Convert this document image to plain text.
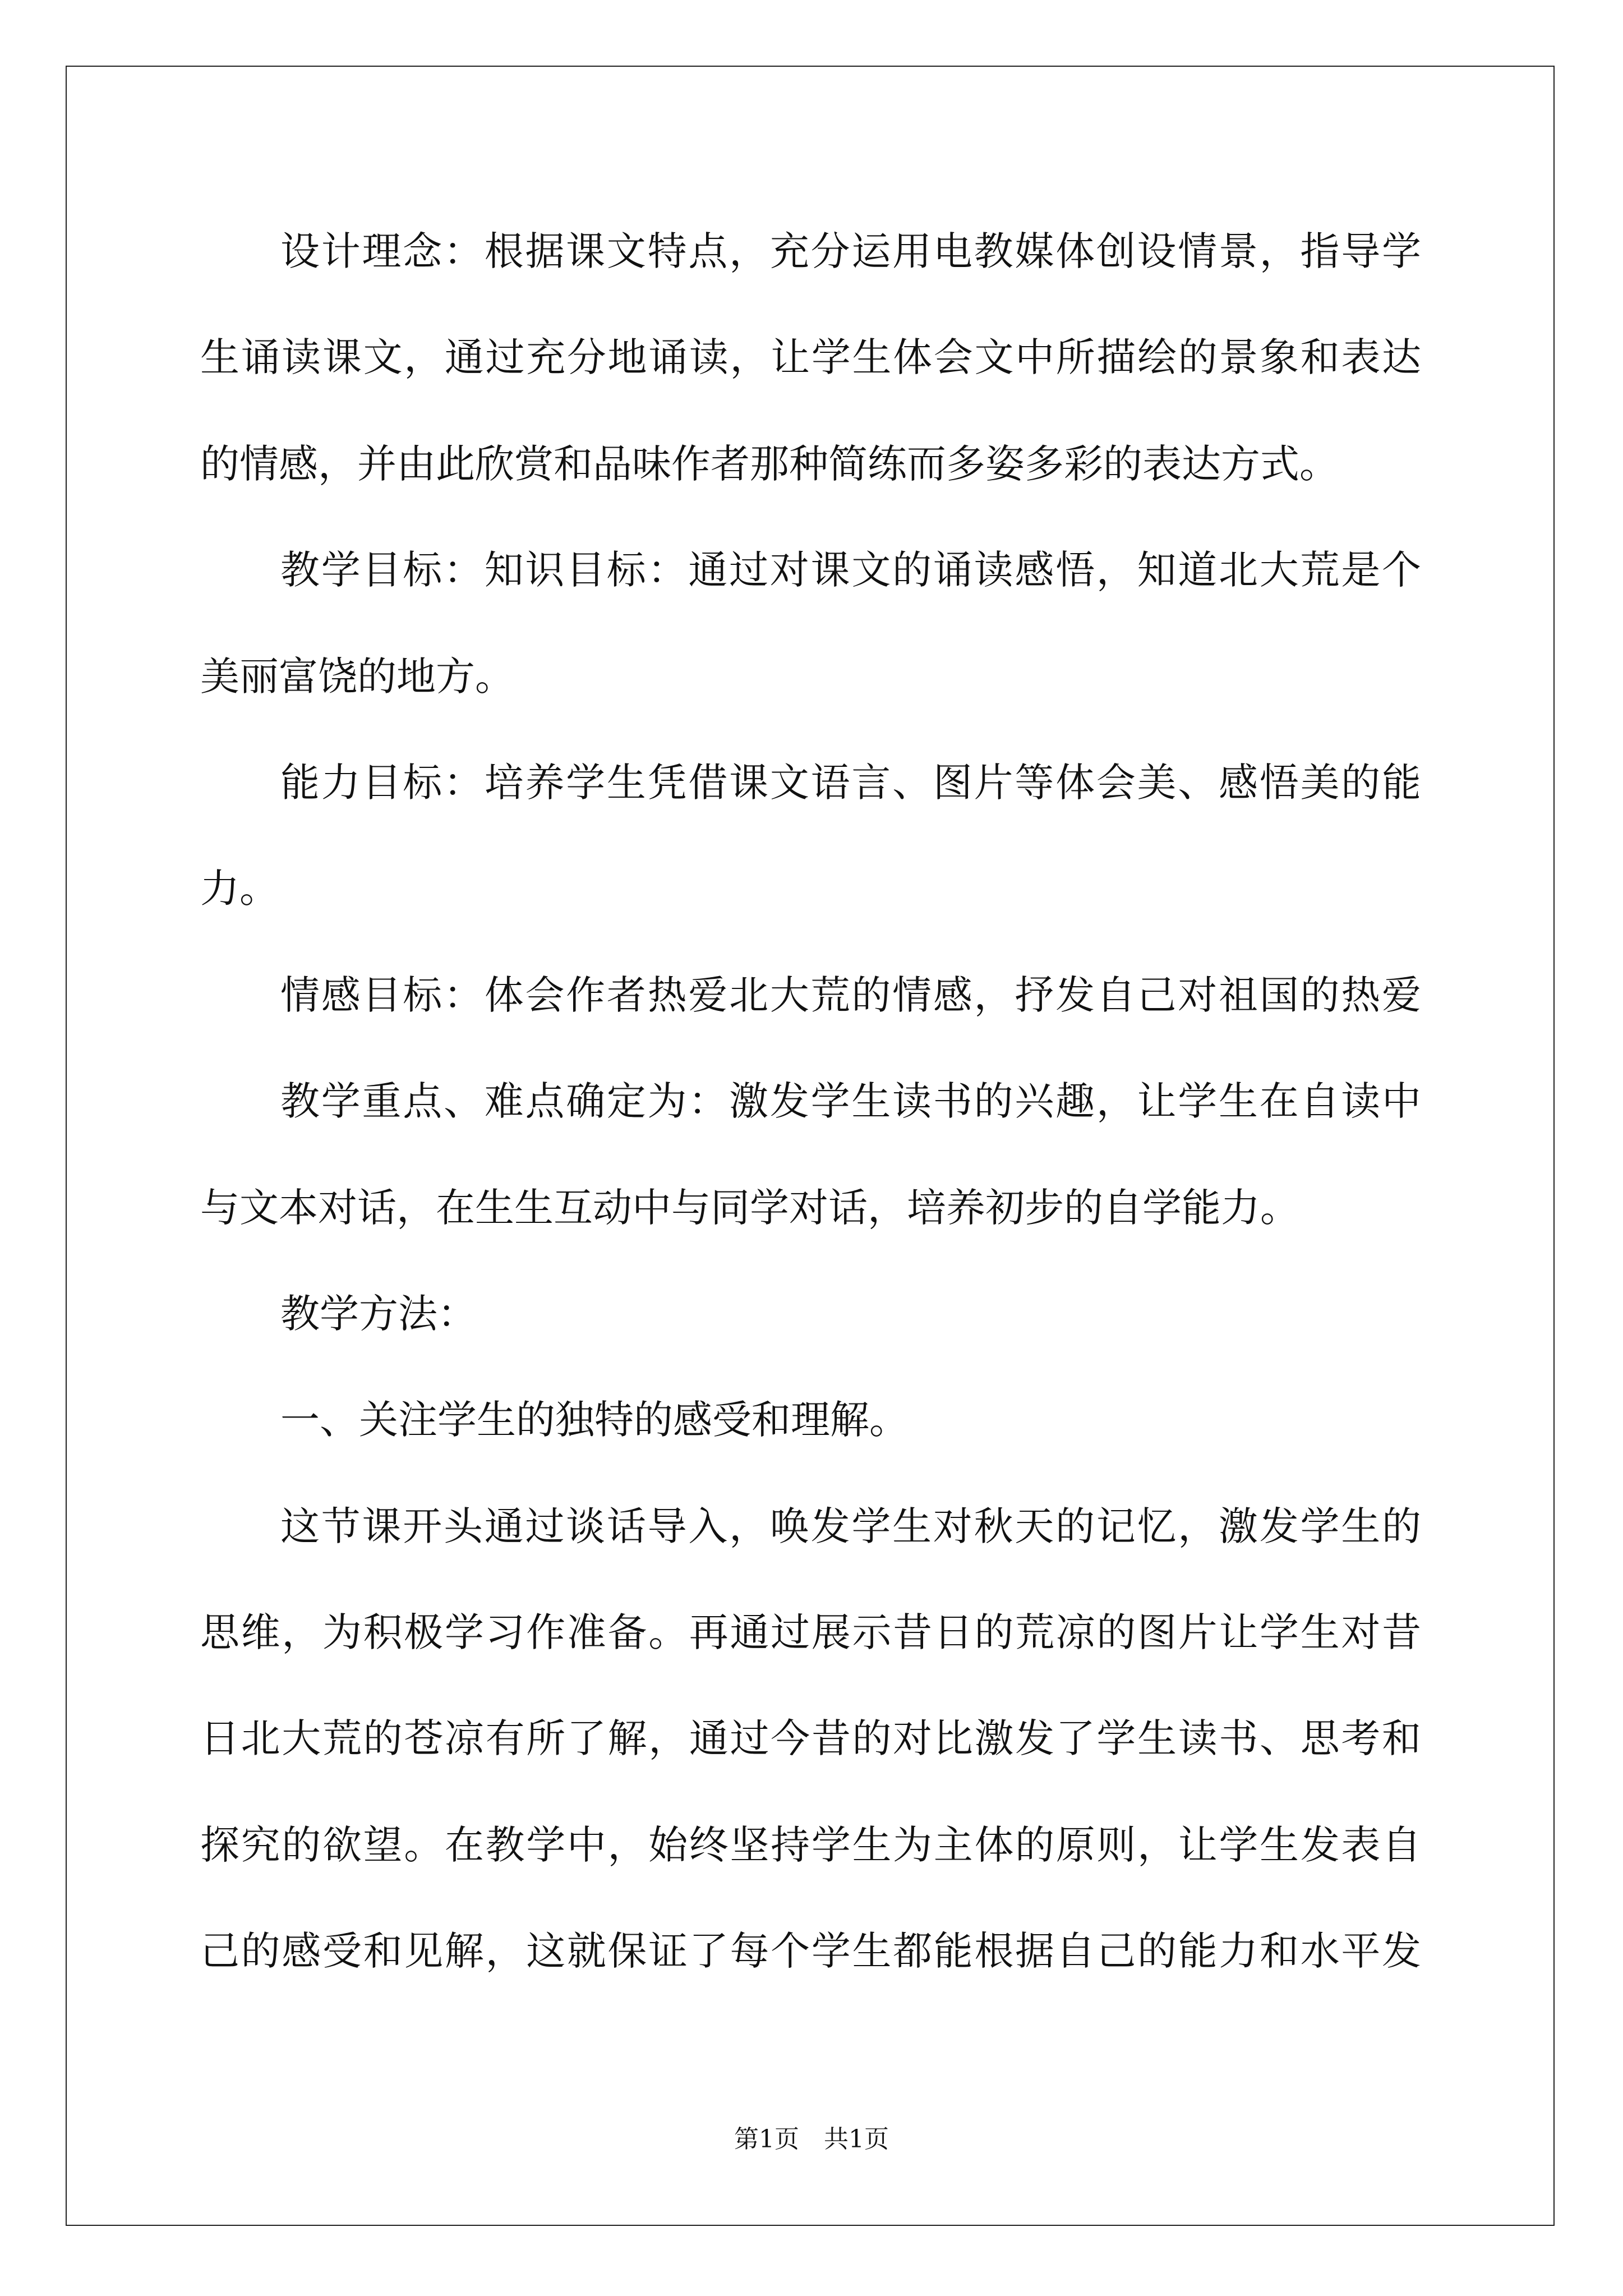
设计理念：根据课文特点，充分运用电教媒体创设情景，指导学
生诵读课文，通过充分地诵读，让学生体会文中所描绘的景象和表达
的情感，并由此欣赏和品味作者那种简练而多姿多彩的表达方式。
教学目标：知识目标：通过对课文的诵读感悟，知道北大荒是个
美丽富饶的地方。
能力目标：培养学生凭借课文语言、图片等体会美、感悟美的能
力。
情感目标：体会作者热爱北大荒的情感，抒发自己对祖国的热爱
教学重点、难点确定为：激发学生读书的兴趣，让学生在自读中
与文本对话，在生生互动中与同学对话，培养初步的自学能力。
教学方法：
一、关注学生的独特的感受和理解。
这节课开头通过谈话导入，唤发学生对秋天的记忆，激发学生的
思维，为积极学习作准备。再通过展示昔日的荒凉的图片让学生对昔
日北大荒的苍凉有所了解，通过今昔的对比激发了学生读书、思考和
探究的欲望。在教学中，始终坚持学生为主体的原则，让学生发表自
己的感受和见解，这就保证了每个学生都能根据自己的能力和水平发
第1页　共1页
